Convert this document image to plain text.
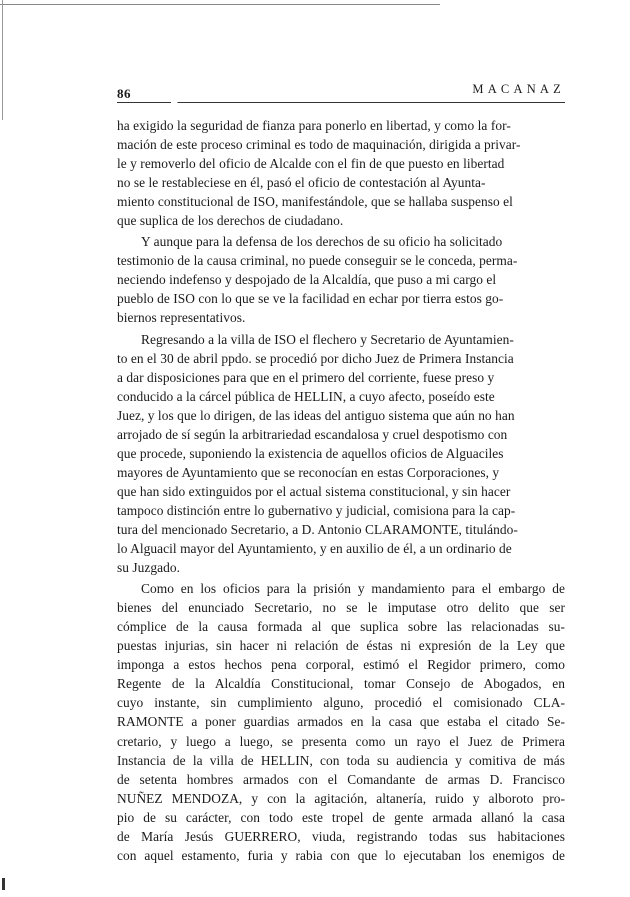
86	MACANAZ

ha exigido la seguridad de fianza para ponerlo en libertad, y como la for-
mación de este proceso criminal es todo de maquinación, dirigida a privar-
le y removerlo del oficio de Alcalde con el fin de que puesto en libertad
no se le restableciese en él, pasó el oficio de contestación al Ayunta-
miento constitucional de ISO, manifestándole, que se hallaba suspenso el
que suplica de los derechos de ciudadano.

Y aunque para la defensa de los derechos de su oficio ha solicitado
testimonio de la causa criminal, no puede conseguir se le conceda, perma-
neciendo indefenso y despojado de la Alcaldía, que puso a mi cargo el
pueblo de ISO con lo que se ve la facilidad en echar por tierra estos go-
biernos representativos.

Regresando a la villa de ISO el flechero y Secretario de Ayuntamien-
to en el 30 de abril ppdo. se procedió por dicho Juez de Primera Instancia
a dar disposiciones para que en el primero del corriente, fuese preso y
conducido a la cárcel pública de HELLIN, a cuyo afecto, poseído este
Juez, y los que lo dirigen, de las ideas del antiguo sistema que aún no han
arrojado de sí según la arbitrariedad escandalosa y cruel despotismo con
que procede, suponiendo la existencia de aquellos oficios de Alguaciles
mayores de Ayuntamiento que se reconocían en estas Corporaciones, y
que han sido extinguidos por el actual sistema constitucional, y sin hacer
tampoco distinción entre lo gubernativo y judicial, comisiona para la cap-
tura del mencionado Secretario, a D. Antonio CLARAMONTE, titulándo-
lo Alguacil mayor del Ayuntamiento, y en auxilio de él, a un ordinario de
su Juzgado.

Como en los oficios para la prisión y mandamiento para el embargo de
bienes del enunciado Secretario, no se le imputase otro delito que ser
cómplice de la causa formada al que suplica sobre las relacionadas su-
puestas injurias, sin hacer ni relación de éstas ni expresión de la Ley que
imponga a estos hechos pena corporal, estimó el Regidor primero, como
Regente de la Alcaldía Constitucional, tomar Consejo de Abogados, en
cuyo instante, sin cumplimiento alguno, procedió el comisionado CLA-
RAMONTE a poner guardias armados en la casa que estaba el citado Se-
cretario, y luego a luego, se presenta como un rayo el Juez de Primera
Instancia de la villa de HELLIN, con toda su audiencia y comitiva de más
de setenta hombres armados con el Comandante de armas D. Francisco
NUÑEZ MENDOZA, y con la agitación, altanería, ruido y alboroto pro-
pio de su carácter, con todo este tropel de gente armada allanó la casa
de María Jesús GUERRERO, viuda, registrando todas sus habitaciones
con aquel estamento, furia y rabia con que lo ejecutaban los enemigos de
